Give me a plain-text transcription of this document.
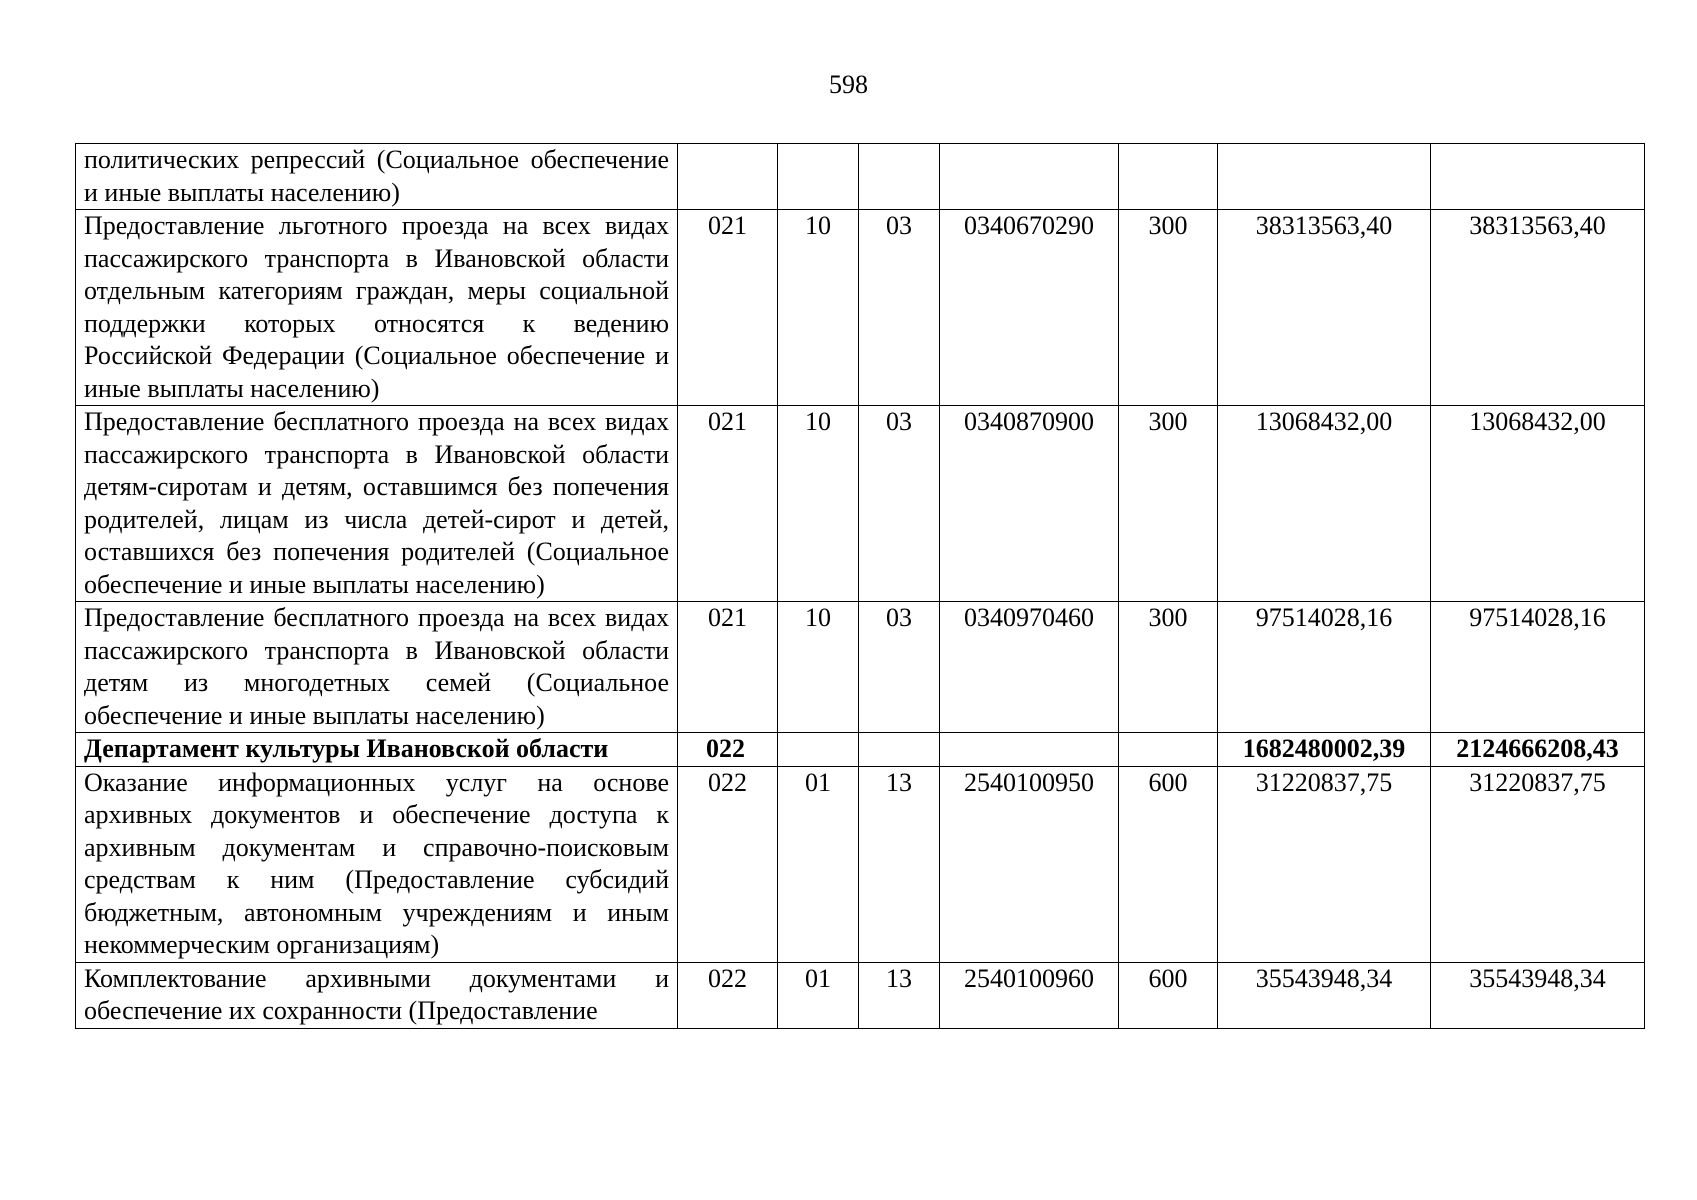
598
политических репрессий (Социальное обеспечение и иные выплаты населению)							
Предоставление льготного проезда на всех видах пассажирского транспорта в Ивановской области отдельным категориям граждан, меры социальной поддержки которых относятся к ведению Российской Федерации (Социальное обеспечение и иные выплаты населению)	021	10	03	0340670290	300	38313563,40	38313563,40
Предоставление бесплатного проезда на всех видах пассажирского транспорта в Ивановской области детям-сиротам и детям, оставшимся без попечения родителей, лицам из числа детей-сирот и детей, оставшихся без попечения родителей (Социальное обеспечение и иные выплаты населению)	021	10	03	0340870900	300	13068432,00	13068432,00
Предоставление бесплатного проезда на всех видах пассажирского транспорта в Ивановской области детям из многодетных семей (Социальное обеспечение и иные выплаты населению)	021	10	03	0340970460	300	97514028,16	97514028,16
Департамент культуры Ивановской области	022					1682480002,39	2124666208,43
Оказание информационных услуг на основе архивных документов и обеспечение доступа к архивным документам и справочно-поисковым средствам к ним (Предоставление субсидий бюджетным, автономным учреждениям и иным некоммерческим организациям)	022	01	13	2540100950	600	31220837,75	31220837,75
Комплектование архивными документами и обеспечение их сохранности (Предоставление	022	01	13	2540100960	600	35543948,34	35543948,34
